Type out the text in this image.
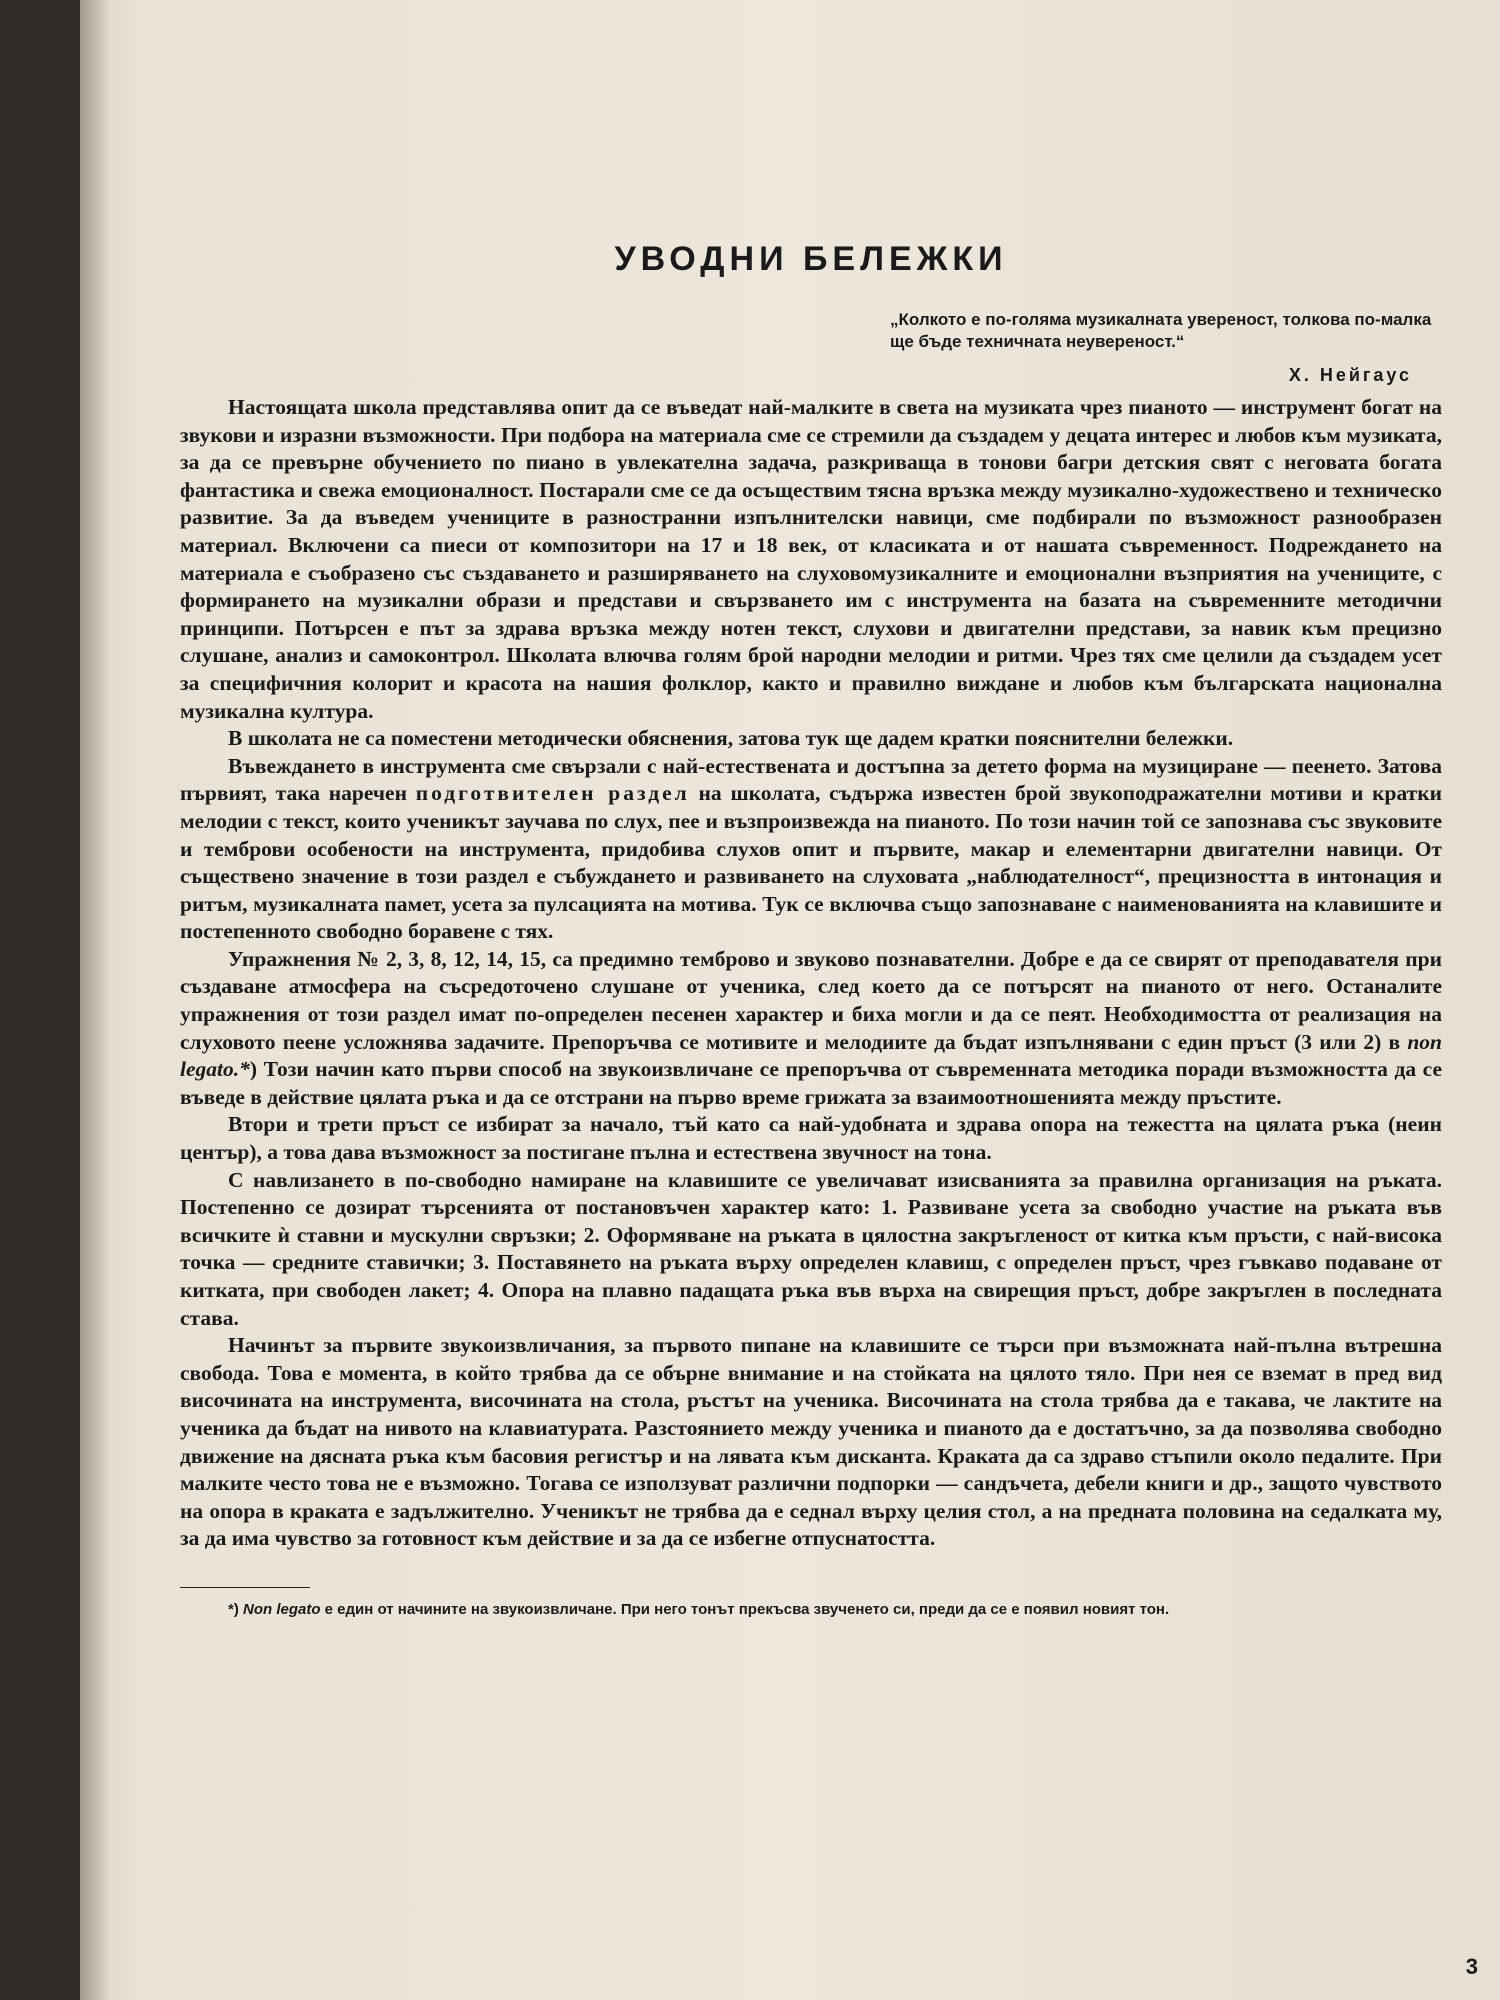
УВОДНИ БЕЛЕЖКИ
„Колкото е по-голяма музикалната увереност, толкова по-малка ще бъде техничната неувереност.“
Х. Нейгаус

Настоящата школа представлява опит да се въведат най-малките в света на музиката чрез пианото — инструмент богат на звукови и изразни възможности. При подбора на материала сме се стремили да създадем у децата интерес и любов към музиката, за да се превърне обучението по пиано в увлекателна задача, разкриваща в тонови багри детския свят с неговата богата фантастика и свежа емоционалност. Постарали сме се да осъществим тясна връзка между музикално-художествено и техническо развитие. За да въведем учениците в разностранни изпълнителски навици, сме подбирали по възможност разнообразен материал. Включени са пиеси от композитори на 17 и 18 век, от класиката и от нашата съвременност. Подреждането на материала е съобразено със създаването и разширяването на слуховомузикалните и емоционални възприятия на учениците, с формирането на музикални образи и представи и свързването им с инструмента на базата на съвременните методични принципи. Потърсен е път за здрава връзка между нотен текст, слухови и двигателни представи, за навик към прецизно слушане, анализ и самоконтрол. Школата влючва голям брой народни мелодии и ритми. Чрез тях сме целили да създадем усет за специфичния колорит и красота на нашия фолклор, както и правилно виждане и любов към българската национална музикална култура.

В школата не са поместени методически обяснения, затова тук ще дадем кратки пояснителни бележки.

Въвеждането в инструмента сме свързали с най-естествената и достъпна за детето форма на музициране — пеенето. Затова първият, така наречен подготвителен раздел на школата, съдържа известен брой звукоподражателни мотиви и кратки мелодии с текст, които ученикът заучава по слух, пее и възпроизвежда на пианото. По този начин той се запознава със звуковите и темброви особености на инструмента, придобива слухов опит и първите, макар и елементарни двигателни навици. От съществено значение в този раздел е събуждането и развиването на слуховата „наблюдателност“, прецизността в интонация и ритъм, музикалната памет, усета за пулсацията на мотива. Тук се включва също запознаване с наименованията на клавишите и постепенното свободно боравене с тях.

Упражнения № 2, 3, 8, 12, 14, 15, са предимно темброво и звуково познавателни. Добре е да се свирят от преподавателя при създаване атмосфера на съсредоточено слушане от ученика, след което да се потърсят на пианото от него. Останалите упражнения от този раздел имат по-определен песенен характер и биха могли и да се пеят. Необходимостта от реализация на слуховото пеене усложнява задачите. Препоръчва се мотивите и мелодиите да бъдат изпълнявани с един пръст (3 или 2) в non legato.*) Този начин като първи способ на звукоизвличане се препоръчва от съвременната методика поради възможността да се въведе в действие цялата ръка и да се отстрани на първо време грижата за взаимоотношенията между пръстите.

Втори и трети пръст се избират за начало, тъй като са най-удобната и здрава опора на тежестта на цялата ръка (неин център), а това дава възможност за постигане пълна и естествена звучност на тона.

С навлизането в по-свободно намиране на клавишите се увеличават изисванията за правилна организация на ръката. Постепенно се дозират търсенията от постановъчен характер като: 1. Развиване усета за свободно участие на ръката във всичките ѝ ставни и мускулни свръзки; 2. Оформяване на ръката в цялостна закръгленост от китка към пръсти, с най-висока точка — средните ставички; 3. Поставянето на ръката върху определен клавиш, с определен пръст, чрез гъвкаво подаване от китката, при свободен лакет; 4. Опора на плавно падащата ръка във върха на свирещия пръст, добре закръглен в последната става.

Начинът за първите звукоизвличания, за първото пипане на клавишите се търси при възможната най-пълна вътрешна свобода. Това е момента, в който трябва да се обърне внимание и на стойката на цялото тяло. При нея се вземат в пред вид височината на инструмента, височината на стола, ръстът на ученика. Височината на стола трябва да е такава, че лактите на ученика да бъдат на нивото на клавиатурата. Разстоянието между ученика и пианото да е достатъчно, за да позволява свободно движение на дясната ръка към басовия регистър и на лявата към дисканта. Краката да са здраво стъпили около педалите. При малките често това не е възможно. Тогава се използуват различни подпорки — сандъчета, дебели книги и др., защото чувството на опора в краката е задължително. Ученикът не трябва да е седнал върху целия стол, а на предната половина на седалката му, за да има чувство за готовност към действие и за да се избегне отпуснатостта.

*) Non legato е един от начините на звукоизвличане. При него тонът прекъсва звученето си, преди да се е появил новият тон.
3
